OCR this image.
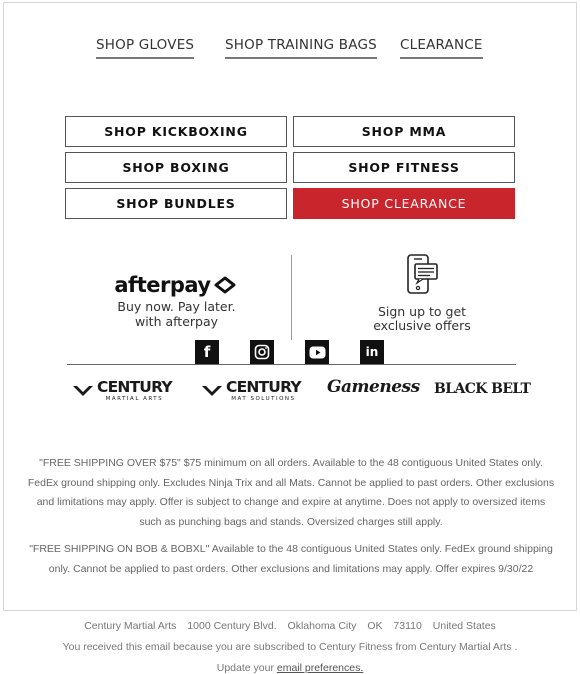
SHOP GLOVES SHOP TRAINING BAGS CLEARANCE
SHOP KICKBOXING	SHOP MMA
SHOP BOXING	SHOP FITNESS
SHOP BUNDLES	SHOP CLEARANCE
afterpay
Buy now. Pay later.
with afterpay
Sign up to get
exclusive offers
f	in
CENTURY
MARTIAL ARTS
CENTURY
MAT SOLUTIONS
Gameness BLACK BELT
"FREE SHIPPING OVER $75" $75 minimum on all orders. Available to the 48 contiguous United States only. FedEx ground shipping only. Excludes Ninja Trix and all Mats. Cannot be applied to past orders. Other exclusions and limitations may apply. Offer is subject to change and expire at anytime. Does not apply to oversized items such as punching bags and stands. Oversized charges still apply.
"FREE SHIPPING ON BOB & BOBXL" Available to the 48 contiguous United States only. FedEx ground shipping only. Cannot be applied to past orders. Other exclusions and limitations may apply. Offer expires 9/30/22
Century Martial Arts 1000 Century Blvd. Oklahoma City OK 73110 United States
You received this email because you are subscribed to Century Fitness from Century Martial Arts .
Update your email preferences.
